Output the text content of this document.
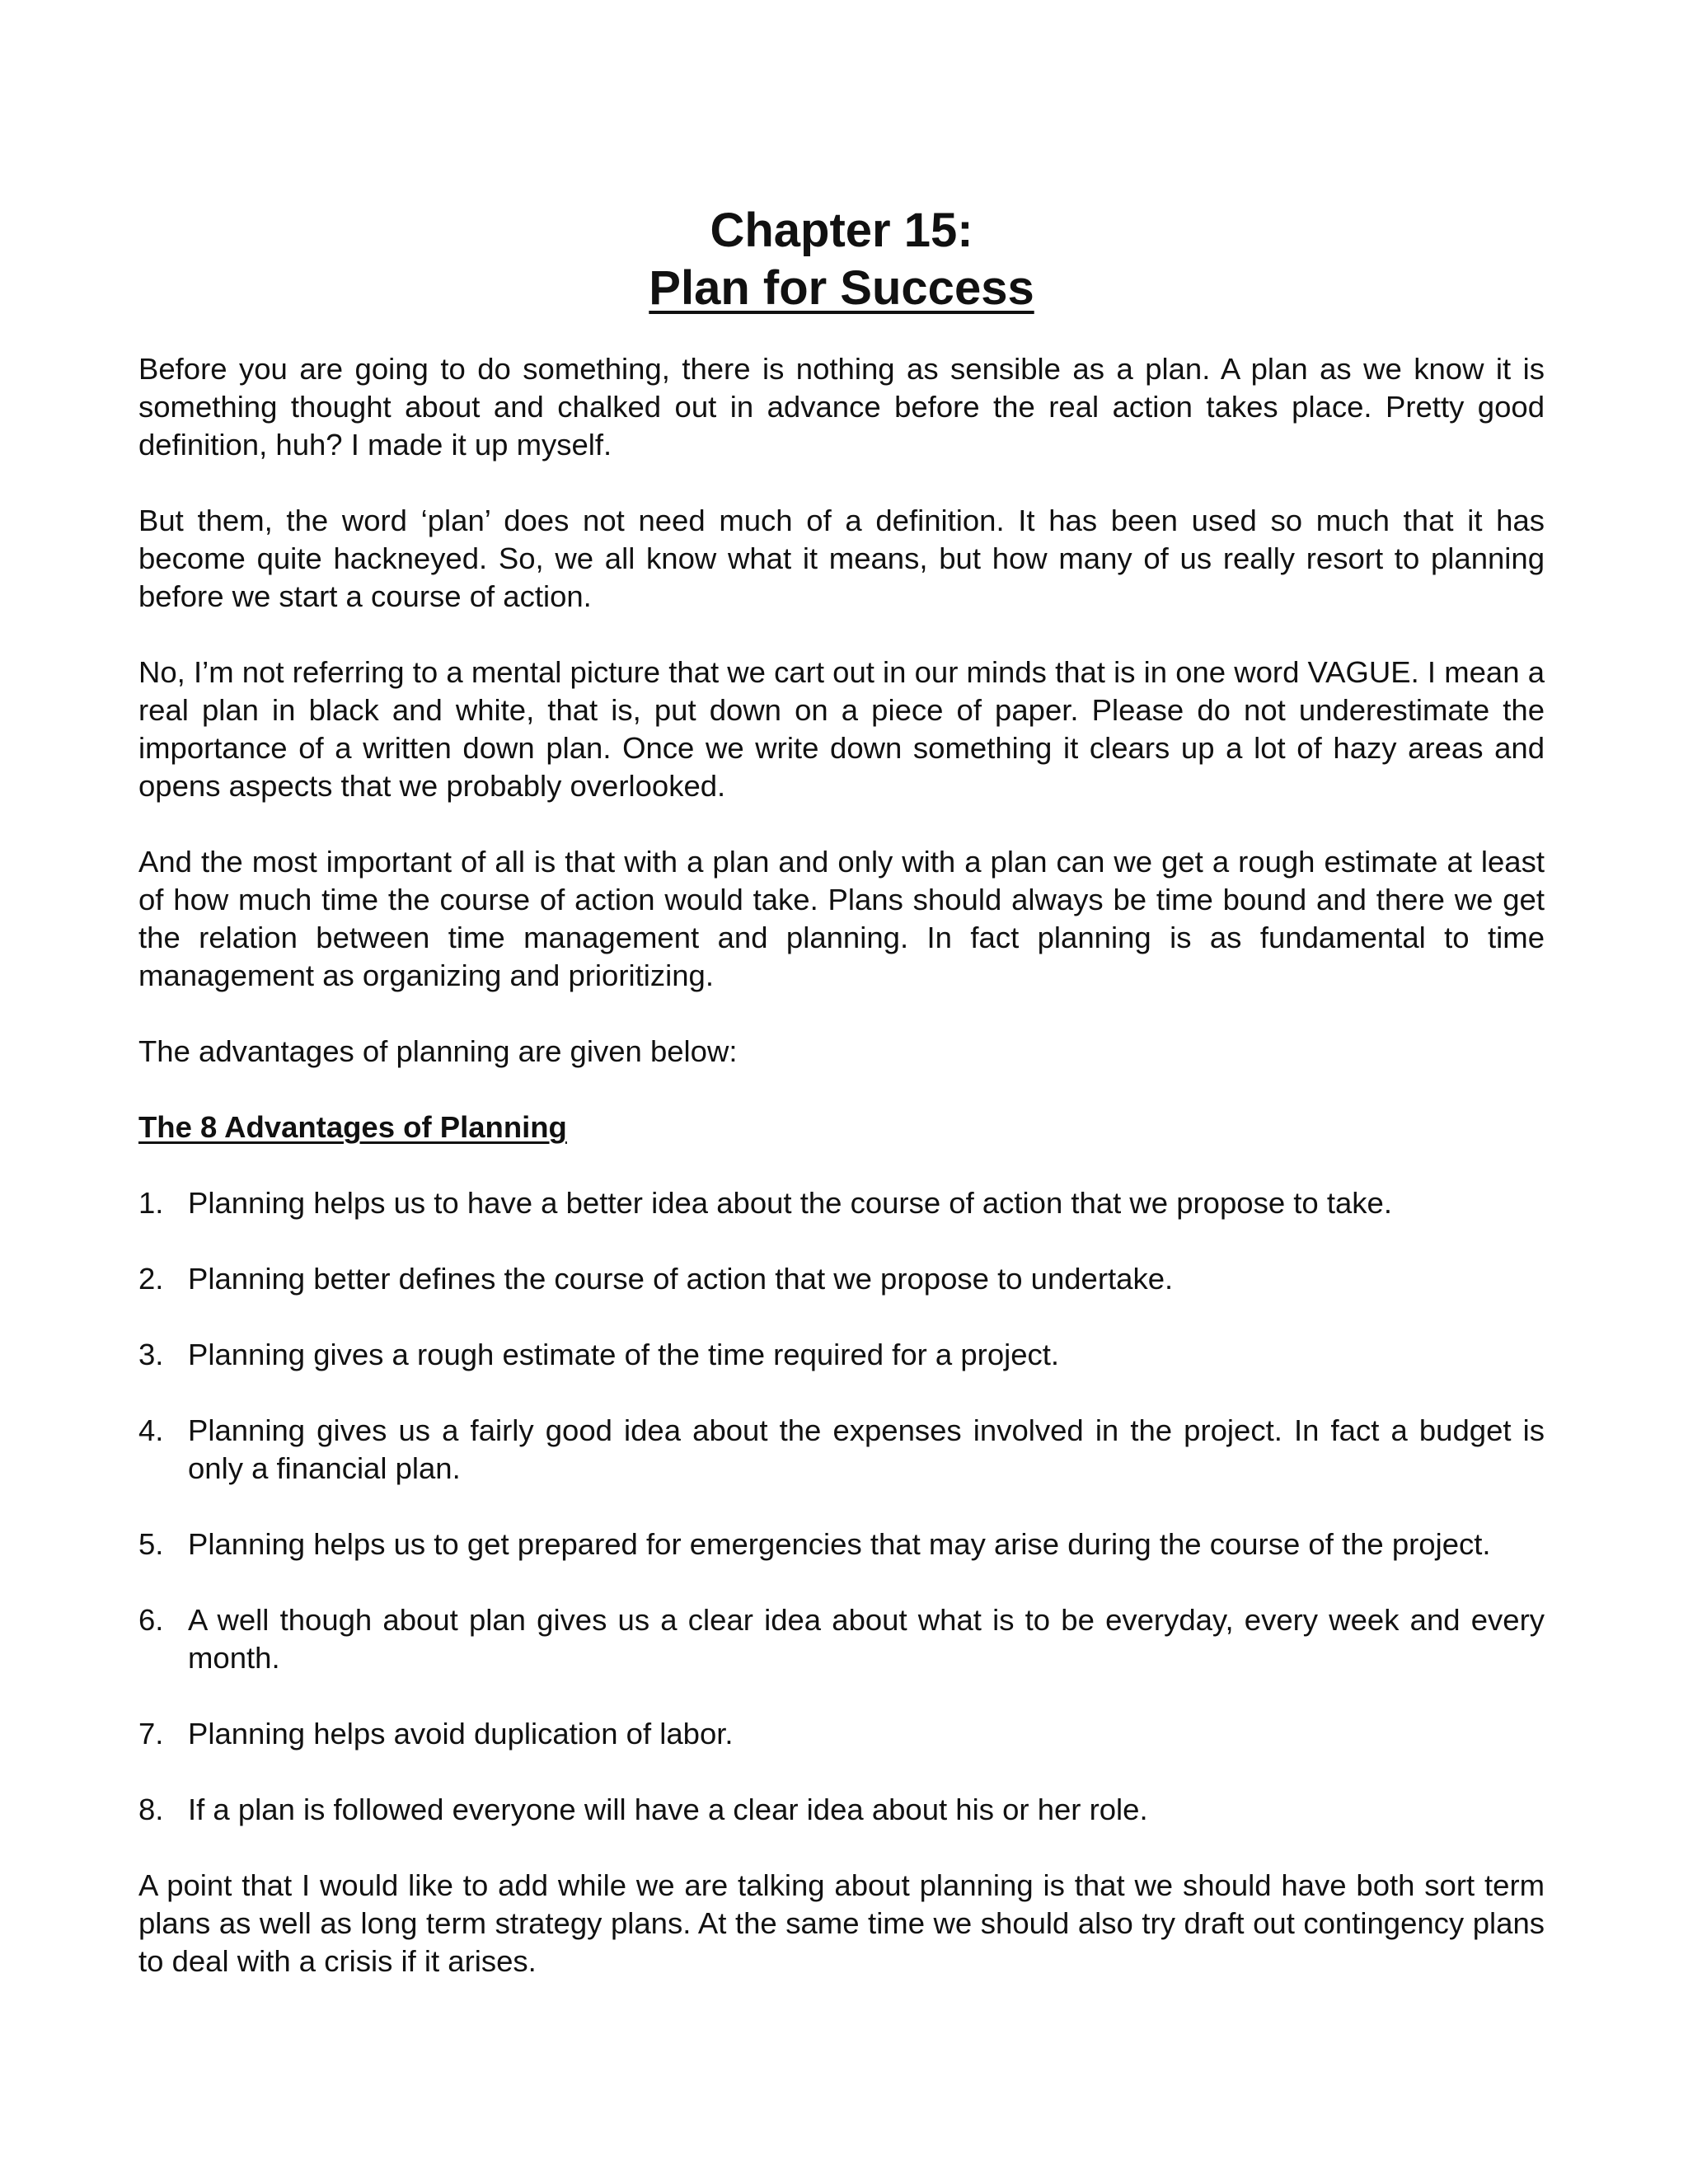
Chapter 15:
Plan for Success

Before you are going to do something, there is nothing as sensible as a plan. A plan as we know it is something thought about and chalked out in advance before the real action takes place. Pretty good definition, huh? I made it up myself.

But them, the word ‘plan’ does not need much of a definition. It has been used so much that it has become quite hackneyed. So, we all know what it means, but how many of us really resort to planning before we start a course of action.

No, I’m not referring to a mental picture that we cart out in our minds that is in one word VAGUE. I mean a real plan in black and white, that is, put down on a piece of paper. Please do not underestimate the importance of a written down plan. Once we write down something it clears up a lot of hazy areas and opens aspects that we probably overlooked.

And the most important of all is that with a plan and only with a plan can we get a rough estimate at least of how much time the course of action would take. Plans should always be time bound and there we get the relation between time management and planning. In fact planning is as fundamental to time management as organizing and prioritizing.

The advantages of planning are given below:

The 8 Advantages of Planning

1. Planning helps us to have a better idea about the course of action that we propose to take.
2. Planning better defines the course of action that we propose to undertake.
3. Planning gives a rough estimate of the time required for a project.
4. Planning gives us a fairly good idea about the expenses involved in the project. In fact a budget is only a financial plan.
5. Planning helps us to get prepared for emergencies that may arise during the course of the project.
6. A well though about plan gives us a clear idea about what is to be everyday, every week and every month.
7. Planning helps avoid duplication of labor.
8. If a plan is followed everyone will have a clear idea about his or her role.

A point that I would like to add while we are talking about planning is that we should have both sort term plans as well as long term strategy plans. At the same time we should also try draft out contingency plans to deal with a crisis if it arises.
